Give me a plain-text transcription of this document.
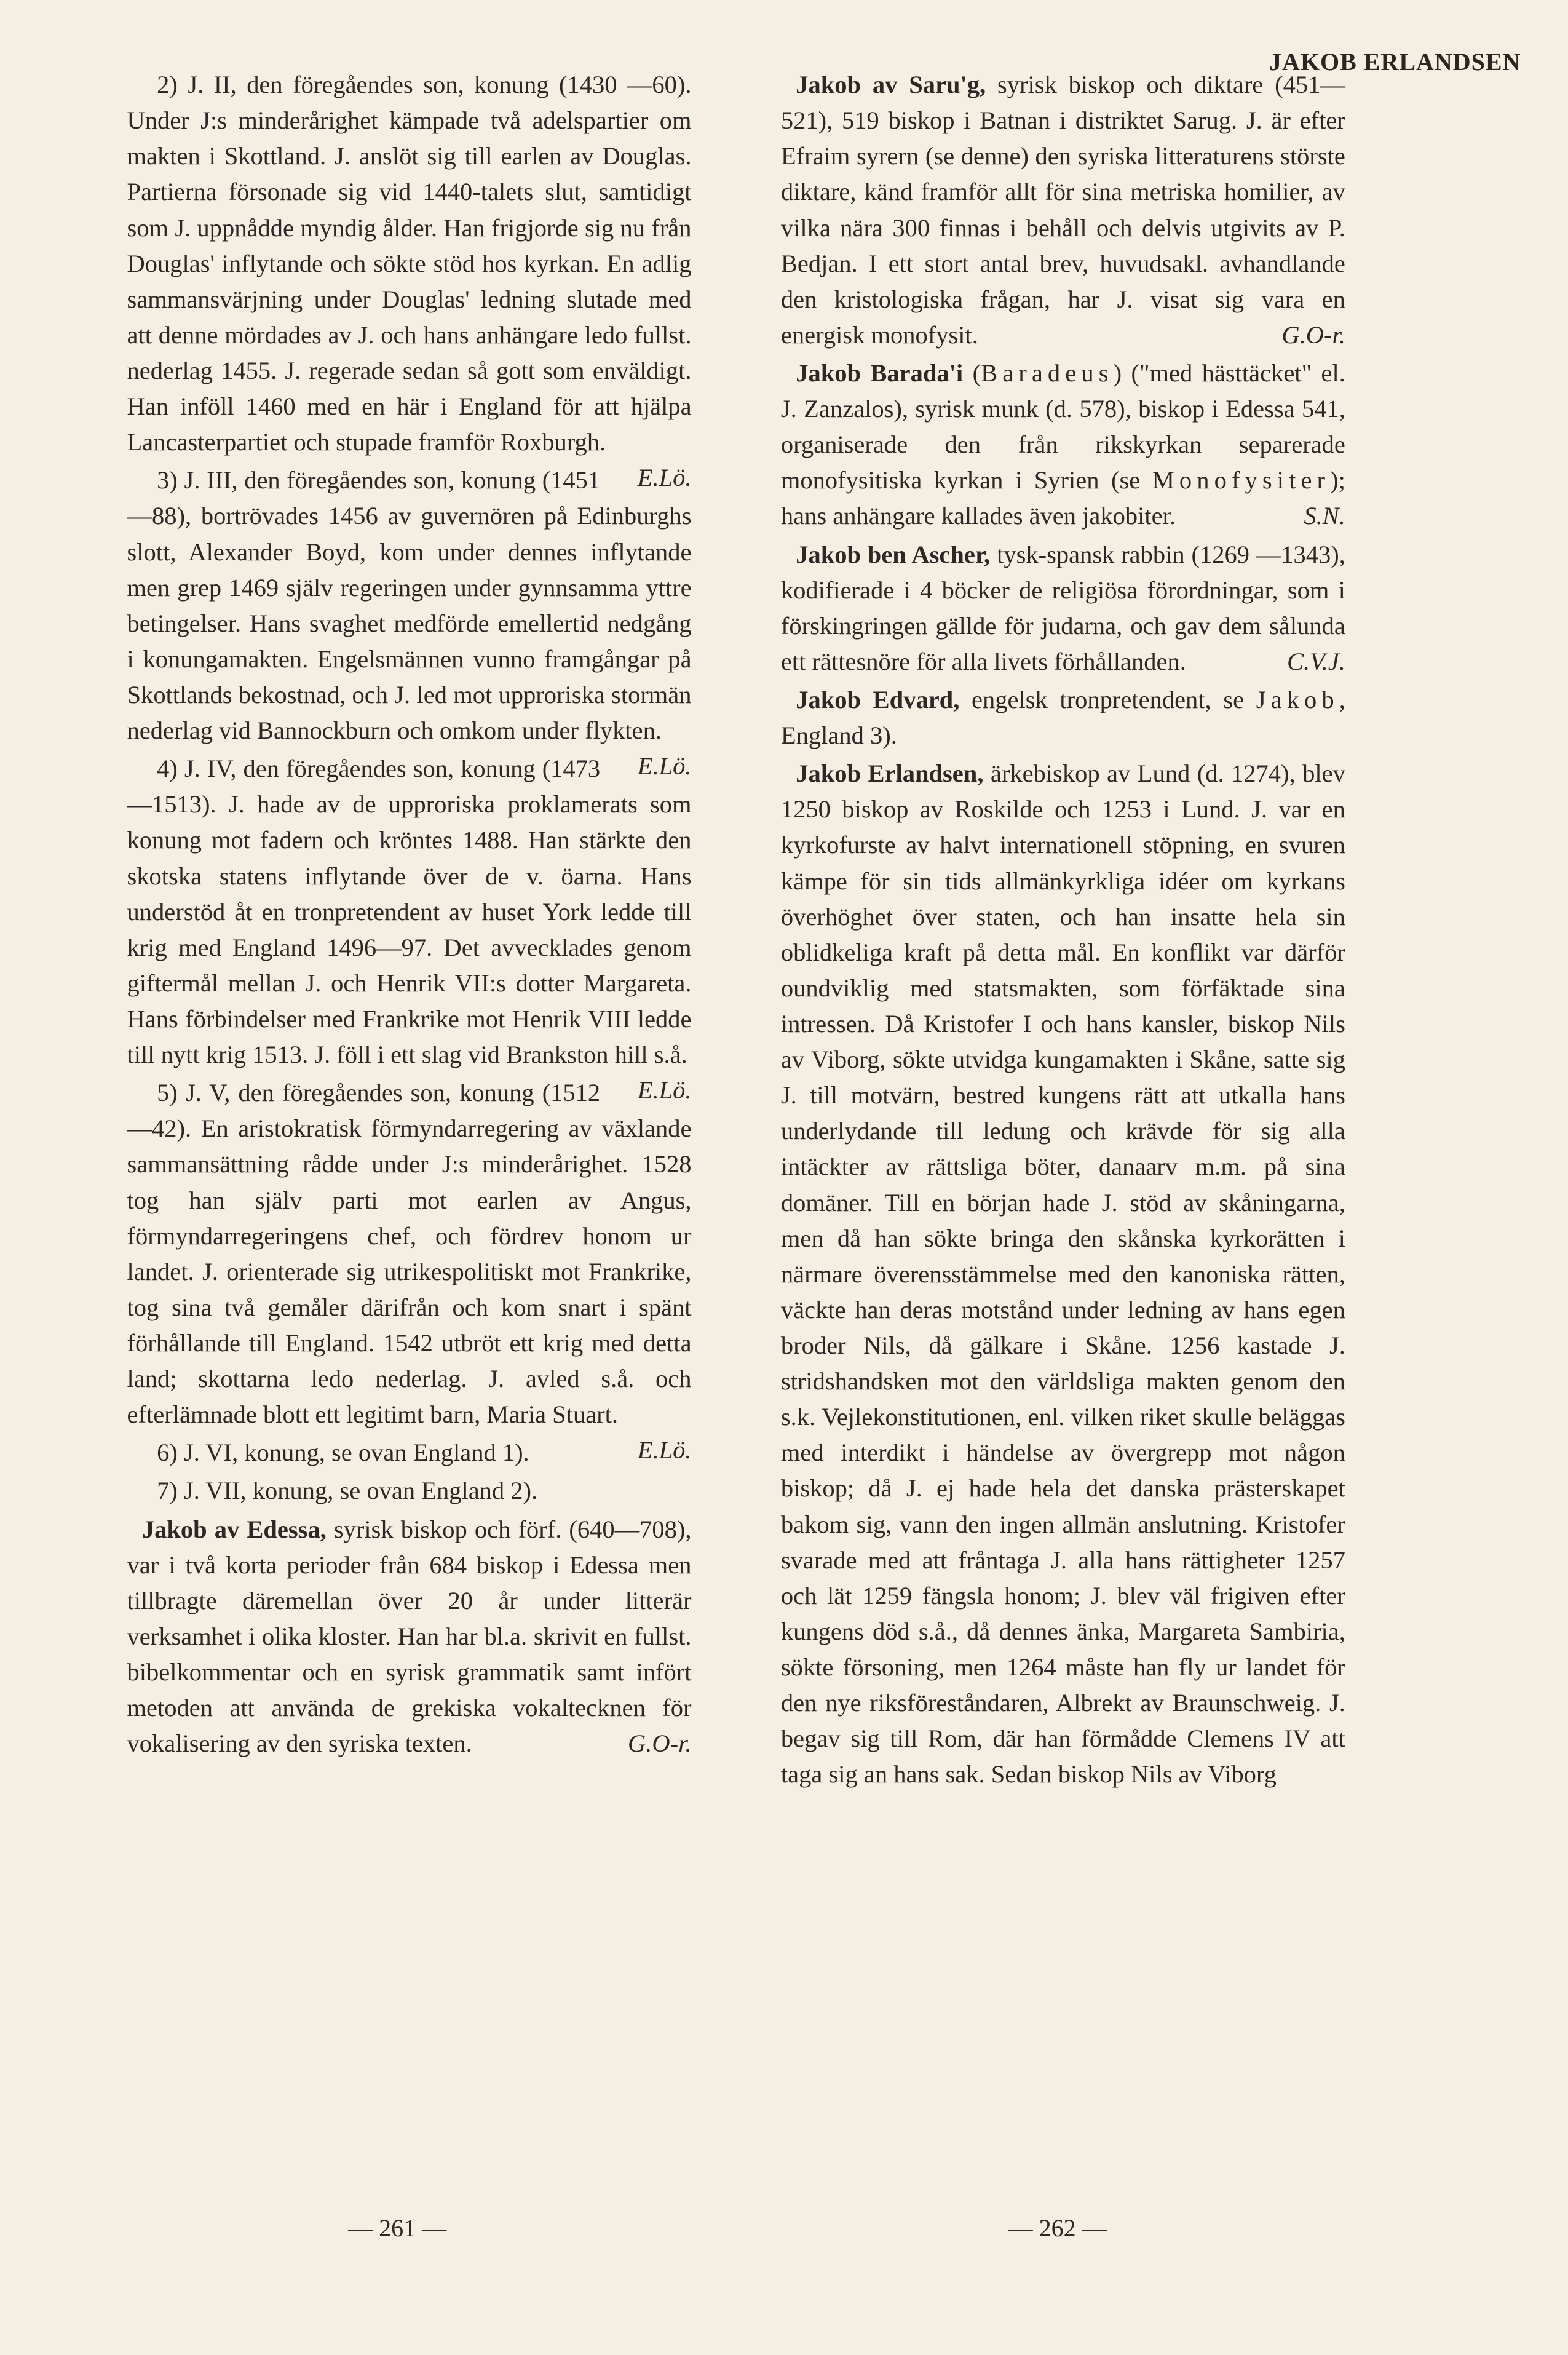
JAKOB ERLANDSEN

2) J. II, den föregåendes son, konung (1430 —60). Under J:s minderårighet kämpade två adelspartier om makten i Skottland. J. anslöt sig till earlen av Douglas. Partierna försonade sig vid 1440-talets slut, samtidigt som J. uppnådde myndig ålder. Han frigjorde sig nu från Douglas' inflytande och sökte stöd hos kyrkan. En adlig sammansvärjning under Douglas' ledning slutade med att denne mördades av J. och hans anhängare ledo fullst. nederlag 1455. J. regerade sedan så gott som enväldigt. Han inföll 1460 med en här i England för att hjälpa Lancasterpartiet och stupade framför Roxburgh.
E.Lö.

3) J. III, den föregåendes son, konung (1451 —88), bortrövades 1456 av guvernören på Edinburghs slott, Alexander Boyd, kom under dennes inflytande men grep 1469 själv regeringen under gynnsamma yttre betingelser. Hans svaghet medförde emellertid nedgång i konungamakten. Engelsmännen vunno framgångar på Skottlands bekostnad, och J. led mot upproriska stormän nederlag vid Bannockburn och omkom under flykten.
E.Lö.

4) J. IV, den föregåendes son, konung (1473 —1513). J. hade av de upproriska proklamerats som konung mot fadern och kröntes 1488. Han stärkte den skotska statens inflytande över de v. öarna. Hans understöd åt en tronpretendent av huset York ledde till krig med England 1496—97. Det avvecklades genom giftermål mellan J. och Henrik VII:s dotter Margareta. Hans förbindelser med Frankrike mot Henrik VIII ledde till nytt krig 1513. J. föll i ett slag vid Brankston hill s.å.
E.Lö.

5) J. V, den föregåendes son, konung (1512 —42). En aristokratisk förmyndarregering av växlande sammansättning rådde under J:s minderårighet. 1528 tog han själv parti mot earlen av Angus, förmyndarregeringens chef, och fördrev honom ur landet. J. orienterade sig utrikespolitiskt mot Frankrike, tog sina två gemåler därifrån och kom snart i spänt förhållande till England. 1542 utbröt ett krig med detta land; skottarna ledo nederlag. J. avled s.å. och efterlämnade blott ett legitimt barn, Maria Stuart.
E.Lö.

6) J. VI, konung, se ovan England 1).

7) J. VII, konung, se ovan England 2).

Jakob av Edessa, syrisk biskop och förf. (640—708), var i två korta perioder från 684 biskop i Edessa men tillbragte däremellan över 20 år under litterär verksamhet i olika kloster. Han har bl.a. skrivit en fullst. bibelkommentar och en syrisk grammatik samt infört metoden att använda de grekiska vokaltecknen för vokalisering av den syriska texten.	G.O-r.

Jakob av Saru'g, syrisk biskop och diktare (451—521), 519 biskop i Batnan i distriktet Sarug. J. är efter Efraim syrern (se denne) den syriska litteraturens störste diktare, känd framför allt för sina metriska homilier, av vilka nära 300 finnas i behåll och delvis utgivits av P. Bedjan. I ett stort antal brev, huvudsakl. avhandlande den kristologiska frågan, har J. visat sig vara en energisk monofysit.	G.O-r.

Jakob Barada'i (Baradeus) ("med hästtäcket" el. J. Zanzalos), syrisk munk (d. 578), biskop i Edessa 541, organiserade den från rikskyrkan separerade monofysitiska kyrkan i Syrien (se Monofysiter); hans anhängare kallades även jakobiter.	S.N.

Jakob ben Ascher, tysk-spansk rabbin (1269 —1343), kodifierade i 4 böcker de religiösa förordningar, som i förskingringen gällde för judarna, och gav dem sålunda ett rättesnöre för alla livets förhållanden.	C.V.J.

Jakob Edvard, engelsk tronpretendent, se Jakob, England 3).

Jakob Erlandsen, ärkebiskop av Lund (d. 1274), blev 1250 biskop av Roskilde och 1253 i Lund. J. var en kyrkofurste av halvt internationell stöpning, en svuren kämpe för sin tids allmänkyrkliga idéer om kyrkans överhöghet över staten, och han insatte hela sin oblidkeliga kraft på detta mål. En konflikt var därför oundviklig med statsmakten, som förfäktade sina intressen. Då Kristofer I och hans kansler, biskop Nils av Viborg, sökte utvidga kungamakten i Skåne, satte sig J. till motvärn, bestred kungens rätt att utkalla hans underlydande till ledung och krävde för sig alla intäckter av rättsliga böter, danaarv m.m. på sina domäner. Till en början hade J. stöd av skåningarna, men då han sökte bringa den skånska kyrkorätten i närmare överensstämmelse med den kanoniska rätten, väckte han deras motstånd under ledning av hans egen broder Nils, då gälkare i Skåne. 1256 kastade J. stridshandsken mot den världsliga makten genom den s.k. Vejlekonstitutionen, enl. vilken riket skulle beläggas med interdikt i händelse av övergrepp mot någon biskop; då J. ej hade hela det danska prästerskapet bakom sig, vann den ingen allmän anslutning. Kristofer svarade med att fråntaga J. alla hans rättigheter 1257 och lät 1259 fängsla honom; J. blev väl frigiven efter kungens död s.å., då dennes änka, Margareta Sambiria, sökte försoning, men 1264 måste han fly ur landet för den nye riksföreståndaren, Albrekt av Braunschweig. J. begav sig till Rom, där han förmådde Clemens IV att taga sig an hans sak. Sedan biskop Nils av Viborg

— 261 —	— 262 —
